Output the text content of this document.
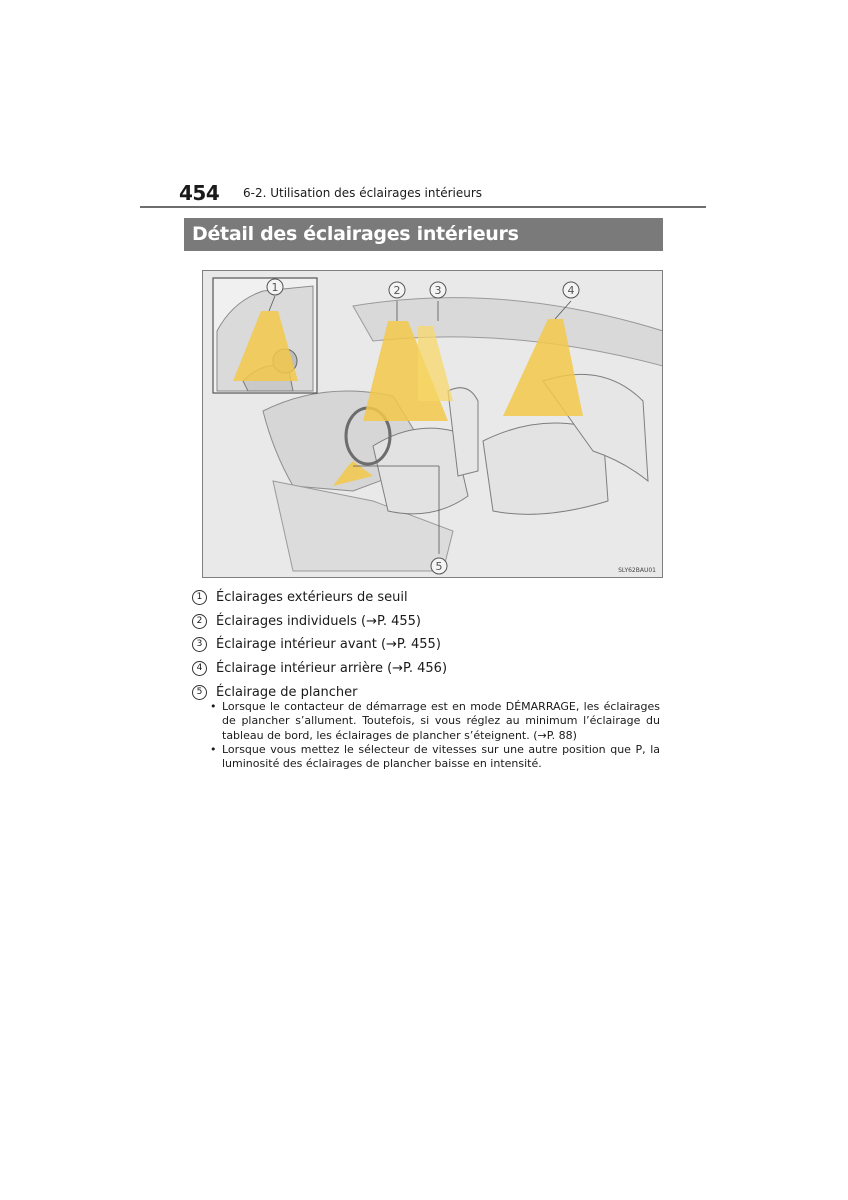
454 6-2. Utilisation des éclairages intérieurs
Détail des éclairages intérieurs
1	2	3	4
5	SLY62BAU01
1	Éclairages extérieurs de seuil
2	Éclairages individuels (→P. 455)
3	Éclairage intérieur avant (→P. 455)
4	Éclairage intérieur arrière (→P. 456)
5	Éclairage de plancher
• Lorsque le contacteur de démarrage est en mode DÉMARRAGE, les éclairages de plancher s’allument. Toutefois, si vous réglez au minimum l’éclairage du tableau de bord, les éclairages de plancher s’éteignent. (→P. 88)
• Lorsque vous mettez le sélecteur de vitesses sur une autre position que P, la luminosité des éclairages de plancher baisse en intensité.
